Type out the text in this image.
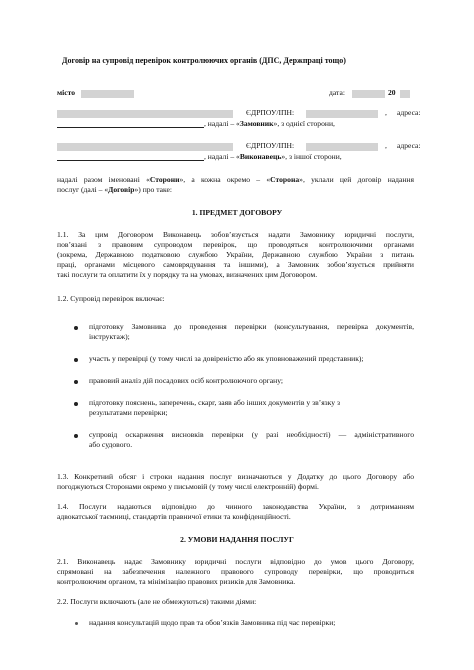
Договір на супровід перевірок контролюючих органів (ДПС, Держпраці тощо)
місто	дата:	20
ЄДРПОУ/ІПН:	, адреса:
, надалі – «Замовник», з однієї сторони,
ЄДРПОУ/ІПН:	, адреса:
, надалі – «Виконавець», з іншої сторони,
надалі разом іменовані «Сторони», а кожна окремо – «Сторона», уклали цей договір надання
послуг (далі – «Договір») про таке:
1. ПРЕДМЕТ ДОГОВОРУ
1.1. За цим Договором Виконавець зобов’язується надати Замовнику юридичні послуги,
пов’язані з правовим супроводом перевірок, що проводяться контролюючими органами
(зокрема, Державною податковою службою України, Державною службою України з питань
праці, органами місцевого самоврядування та іншими), а Замовник зобов’язується прийняти
такі послуги та оплатити їх у порядку та на умовах, визначених цим Договором.
1.2. Супровід перевірок включає:
підготовку Замовника до проведення перевірки (консультування, перевірка документів,
інструктаж);
участь у перевірці (у тому числі за довіреністю або як уповноважений представник);
правовий аналіз дій посадових осіб контролюючого органу;
підготовку пояснень, заперечень, скарг, заяв або інших документів у зв’язку з
результатами перевірки;
супровід оскарження висновків перевірки (у разі необхідності) — адміністративного
або судового.
1.3. Конкретний обсяг і строки надання послуг визначаються у Додатку до цього Договору або
погоджуються Сторонами окремо у письмовій (у тому числі електронній) формі.
1.4. Послуги надаються відповідно до чинного законодавства України, з дотриманням
адвокатської таємниці, стандартів правничої етики та конфіденційності.
2. УМОВИ НАДАННЯ ПОСЛУГ
2.1. Виконавець надає Замовнику юридичні послуги відповідно до умов цього Договору,
спрямовані на забезпечення належного правового супроводу перевірки, що проводиться
контролюючим органом, та мінімізацію правових ризиків для Замовника.
2.2. Послуги включають (але не обмежуються) такими діями:
надання консультацій щодо прав та обов’язків Замовника під час перевірки;
